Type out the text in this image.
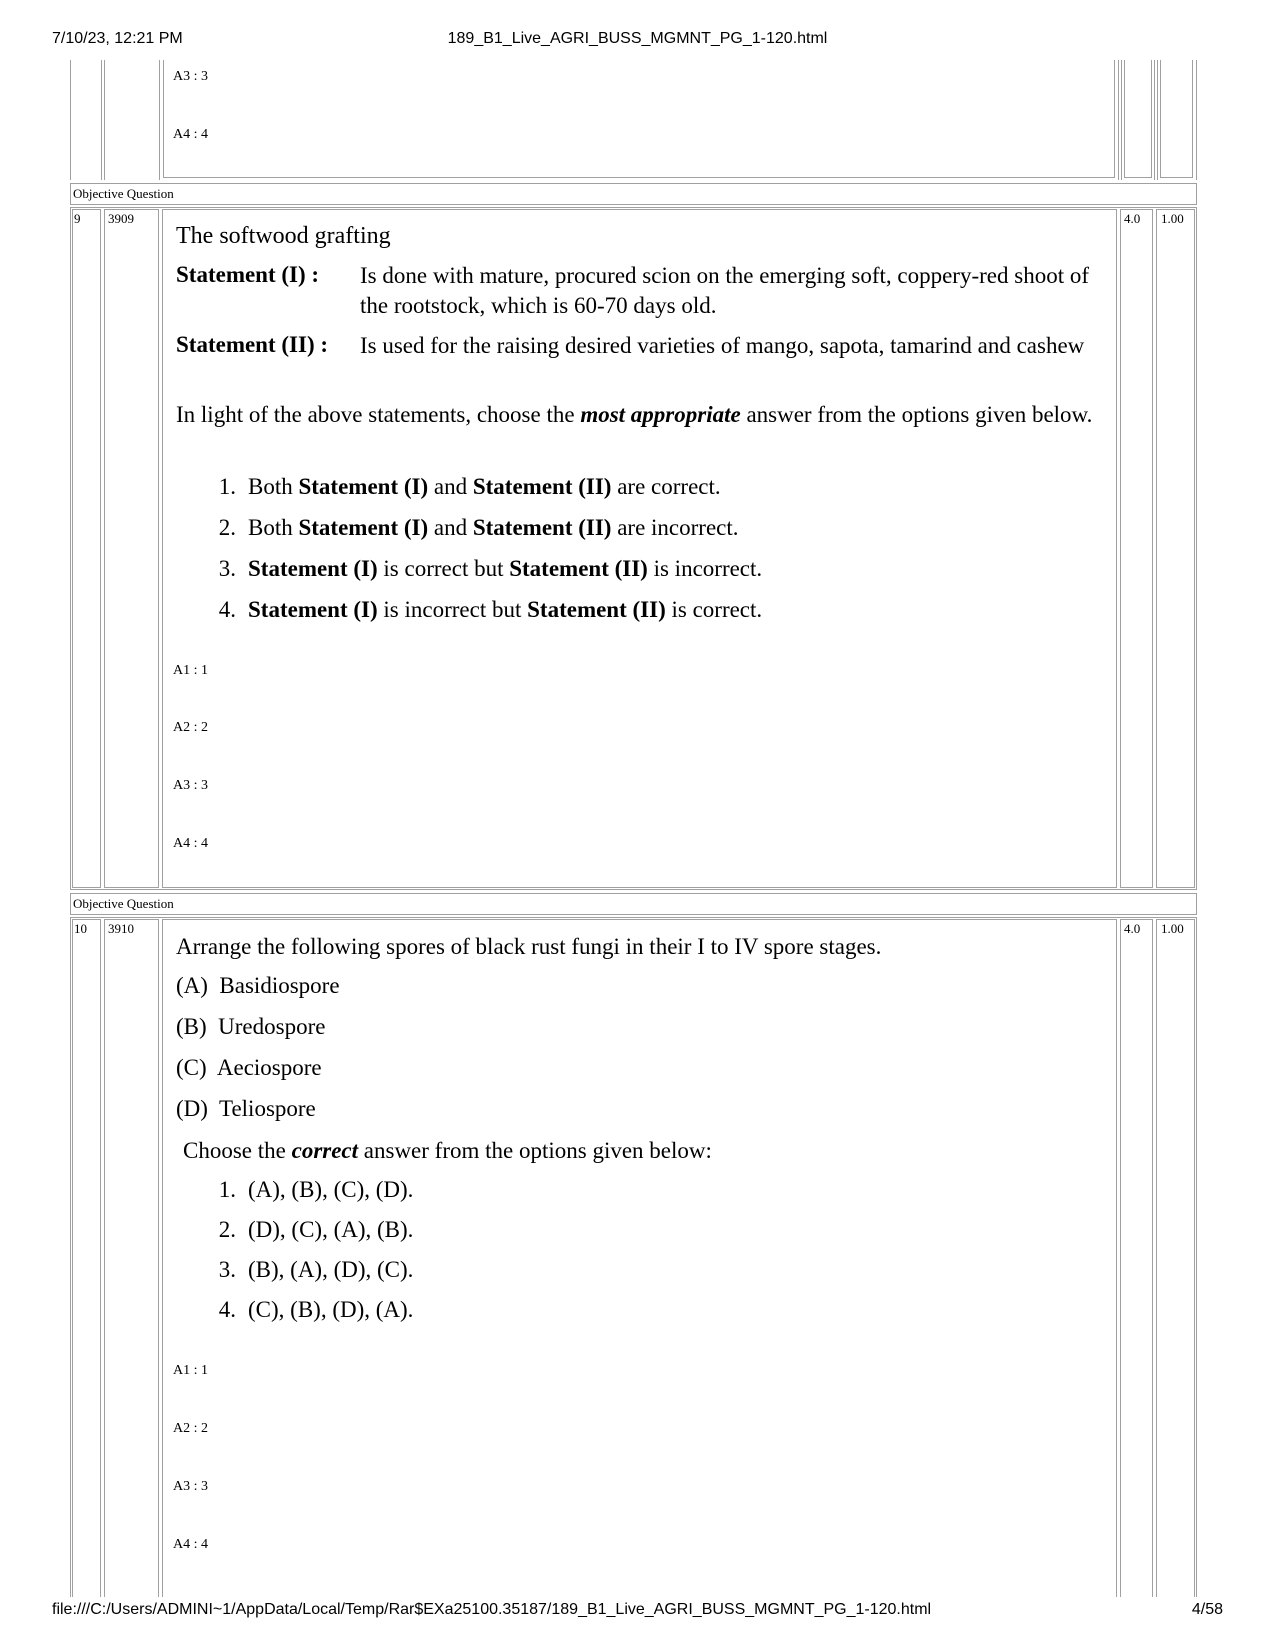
7/10/23, 12:21 PM	189_B1_Live_AGRI_BUSS_MGMNT_PG_1-120.html
file:///C:/Users/ADMINI~1/AppData/Local/Temp/Rar$EXa25100.35187/189_B1_Live_AGRI_BUSS_MGMNT_PG_1-120.html	4/58
A3 : 3
A4 : 4
Objective Question
9 3909	4.0 1.00
The softwood grafting
Statement (I) : Is done with mature, procured scion on the emerging soft, coppery-red shoot of the rootstock, which is 60-70 days old.
Statement (II) : Is used for the raising desired varieties of mango, sapota, tamarind and cashew
In light of the above statements, choose the most appropriate answer from the options given below.
1. Both Statement (I) and Statement (II) are correct.
2. Both Statement (I) and Statement (II) are incorrect.
3. Statement (I) is correct but Statement (II) is incorrect.
4. Statement (I) is incorrect but Statement (II) is correct.
A1 : 1
A2 : 2
A3 : 3
A4 : 4
Objective Question
10 3910	4.0 1.00
Arrange the following spores of black rust fungi in their I to IV spore stages.
(A)  Basidiospore
(B)  Uredospore
(C)  Aeciospore
(D)  Teliospore
Choose the correct answer from the options given below:
1. (A), (B), (C), (D).
2. (D), (C), (A), (B).
3. (B), (A), (D), (C).
4. (C), (B), (D), (A).
A1 : 1
A2 : 2
A3 : 3
A4 : 4
